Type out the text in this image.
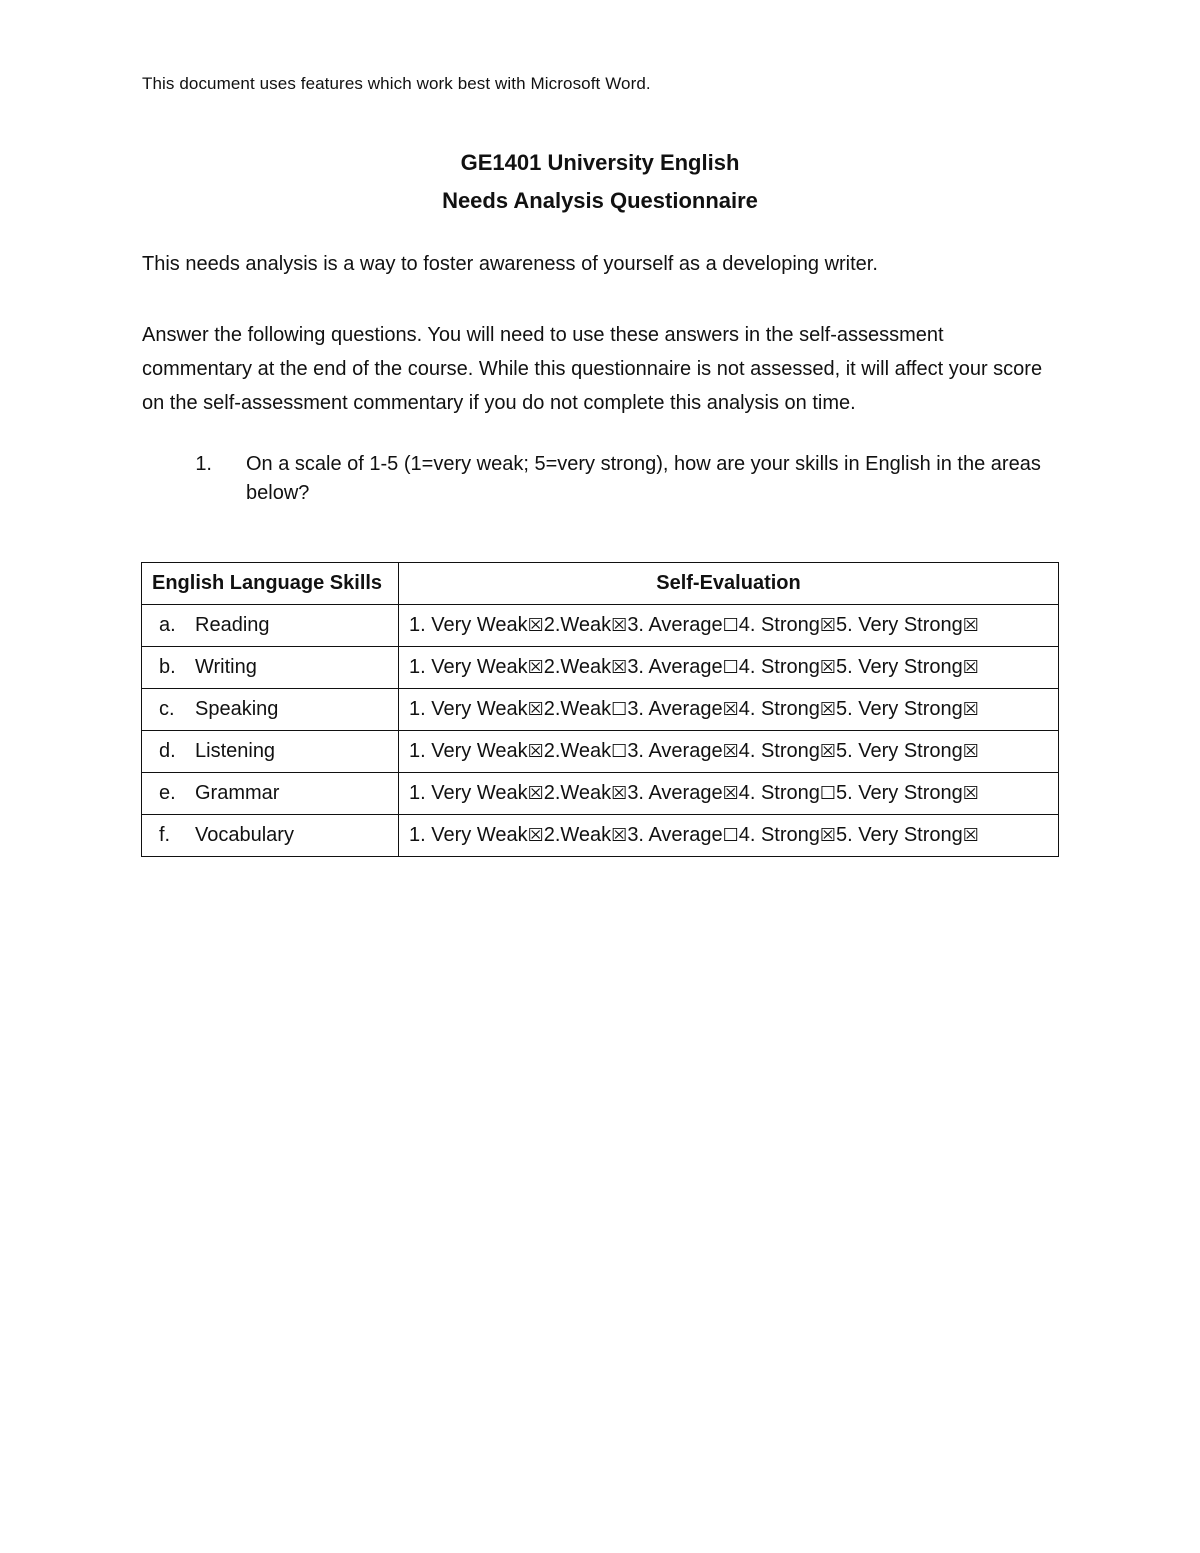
This document uses features which work best with Microsoft Word.
GE1401 University English
Needs Analysis Questionnaire
This needs analysis is a way to foster awareness of yourself as a developing writer.
Answer the following questions. You will need to use these answers in the self-assessment commentary at the end of the course. While this questionnaire is not assessed, it will affect your score on the self-assessment commentary if you do not complete this analysis on time.
1.	On a scale of 1-5 (1=very weak; 5=very strong), how are your skills in English in the areas below?
English Language Skills	Self-Evaluation
a. Reading	1. Very Weak☒2.Weak☒3. Average☐4. Strong☒5. Very Strong☒
b. Writing	1. Very Weak☒2.Weak☒3. Average☐4. Strong☒5. Very Strong☒
c. Speaking	1. Very Weak☒2.Weak☐3. Average☒4. Strong☒5. Very Strong☒
d. Listening	1. Very Weak☒2.Weak☐3. Average☒4. Strong☒5. Very Strong☒
e. Grammar	1. Very Weak☒2.Weak☒3. Average☒4. Strong☐5. Very Strong☒
f. Vocabulary	1. Very Weak☒2.Weak☒3. Average☐4. Strong☒5. Very Strong☒
